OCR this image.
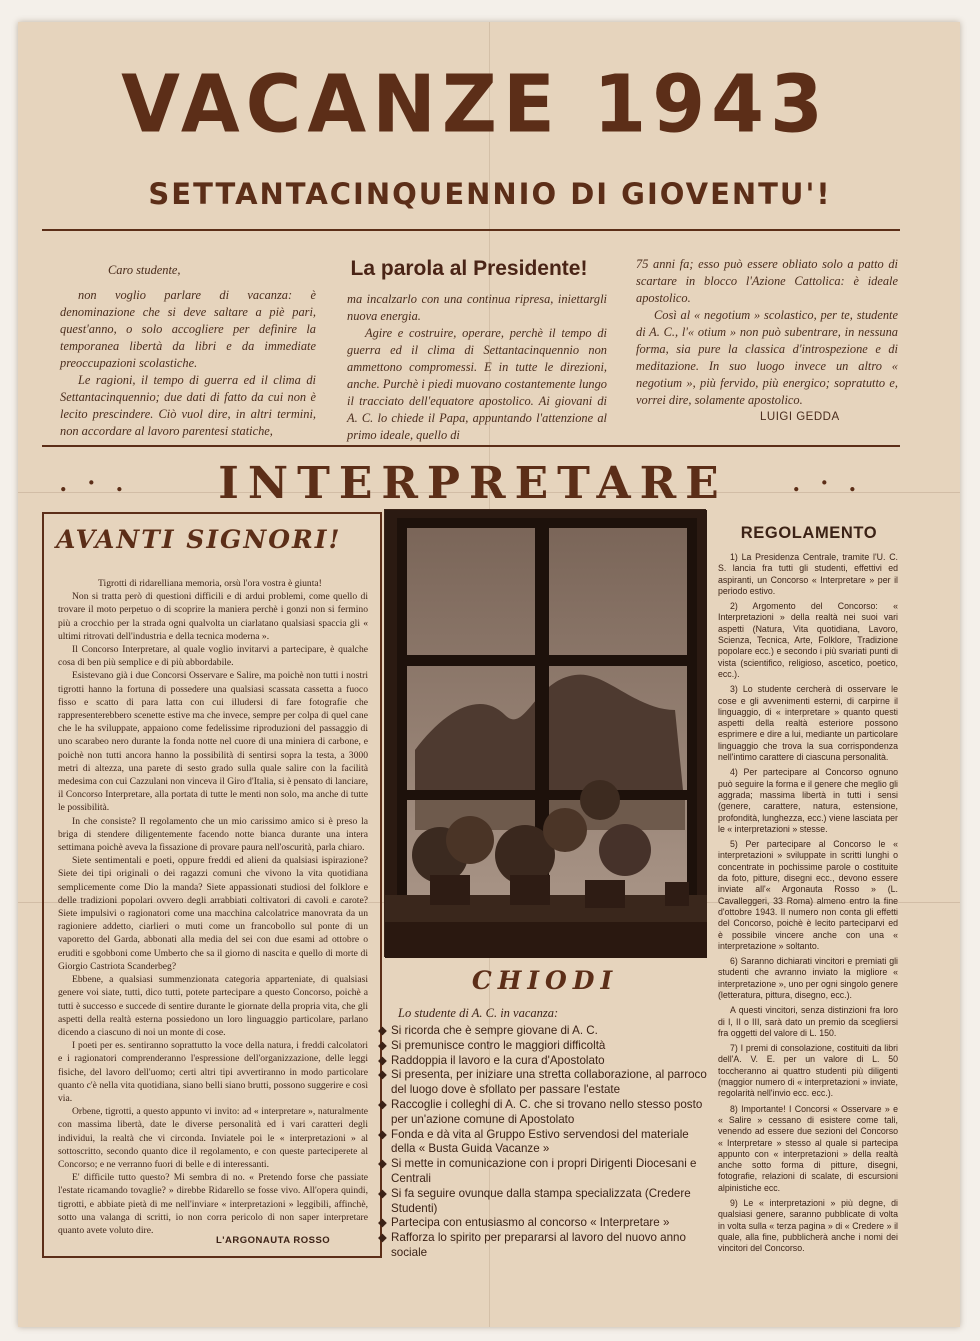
VACANZE 1943
SETTANTACINQUENNIO DI GIOVENTU'!

Caro studente,

non voglio parlare di vacanza: è denominazione che si deve saltare a piè pari, quest'anno, o solo accogliere per definire la temporanea libertà da libri e da immediate preoccupazioni scolastiche.

Le ragioni, il tempo di guerra ed il clima di Settantacinquennio; due dati di fatto da cui non è lecito prescindere. Ciò vuol dire, in altri termini, non accordare al lavoro parentesi statiche,

La parola al Presidente!

ma incalzarlo con una continua ripresa, iniettargli nuova energia.

Agire e costruire, operare, perchè il tempo di guerra ed il clima di Settantacinquennio non ammettono compromessi. E in tutte le direzioni, anche. Purchè i piedi muovano costantemente lungo il tracciato dell'equatore apostolico. Ai giovani di A. C. lo chiede il Papa, appuntando l'attenzione al primo ideale, quello di

75 anni fa; esso può essere obliato solo a patto di scartare in blocco l'Azione Cattolica: è ideale apostolico.

Così al « negotium » scolastico, per te, studente di A. C., l'« otium » non può subentrare, in nessuna forma, sia pure la classica d'introspezione e di meditazione. In suo luogo invece un altro « negotium », più fervido, più energico; sopratutto e, vorrei dire, solamente apostolico.

LUIGI GEDDA
. · .	INTERPRETARE	. · .
AVANTI SIGNORI!

Tigrotti di ridarelliana memoria, orsù l'ora vostra è giunta!

Non si tratta però di questioni difficili e di ardui problemi, come quello di trovare il moto perpetuo o di scoprire la maniera perchè i gonzi non si fermino più a crocchio per la strada ogni qualvolta un ciarlatano qualsiasi spaccia gli « ultimi ritrovati dell'industria e della tecnica moderna ».

Il Concorso Interpretare, al quale voglio invitarvi a partecipare, è qualche cosa di ben più semplice e di più abbordabile.

Esistevano già i due Concorsi Osservare e Salire, ma poichè non tutti i nostri tigrotti hanno la fortuna di possedere una qualsiasi scassata cassetta a fuoco fisso e scatto di para latta con cui illudersi di fare fotografie che rappresenterebbero scenette estive ma che invece, sempre per colpa di quel cane che le ha sviluppate, appaiono come fedelissime riproduzioni del passaggio di uno scarabeo nero durante la fonda notte nel cuore di una miniera di carbone, e poichè non tutti ancora hanno la possibilità di sentirsi sopra la testa, a 3000 metri di altezza, una parete di sesto grado sulla quale salire con la facilità medesima con cui Cazzulani non vinceva il Giro d'Italia, si è pensato di lanciare, il Concorso Interpretare, alla portata di tutte le menti non solo, ma anche di tutte le possibilità.

In che consiste? Il regolamento che un mio carissimo amico si è preso la briga di stendere diligentemente facendo notte bianca durante una intera settimana poichè aveva la fissazione di provare paura nell'oscurità, parla chiaro.

Siete sentimentali e poeti, oppure freddi ed alieni da qualsiasi ispirazione? Siete dei tipi originali o dei ragazzi comuni che vivono la vita quotidiana semplicemente come Dio la manda? Siete appassionati studiosi del folklore e delle tradizioni popolari ovvero degli arrabbiati coltivatori di cavoli e carote? Siete impulsivi o ragionatori come una macchina calcolatrice manovrata da un ragioniere addetto, ciarlieri o muti come un francobollo sul ponte di un vaporetto del Garda, abbonati alla media del sei con due esami ad ottobre o eruditi e sgobboni come Umberto che sa il giorno di nascita e quello di morte di Giorgio Castriota Scanderbeg?

Ebbene, a qualsiasi summenzionata categoria apparteniate, di qualsiasi genere voi siate, tutti, dico tutti, potete partecipare a questo Concorso, poichè a tutti è successo e succede di sentire durante le giornate della propria vita, che gli aspetti della realtà esterna possiedono un loro linguaggio particolare, parlano dicendo a ciascuno di noi un monte di cose.

I poeti per es. sentiranno soprattutto la voce della natura, i freddi calcolatori e i ragionatori comprenderanno l'espressione dell'organizzazione, delle leggi fisiche, del lavoro dell'uomo; certi altri tipi avvertiranno in modo particolare quanto c'è nella vita quotidiana, siano belli siano brutti, possono suggerire e così via.

Orbene, tigrotti, a questo appunto vi invito: ad « interpretare », naturalmente con massima libertà, date le diverse personalità ed i vari caratteri degli individui, la realtà che vi circonda. Inviatele poi le « interpretazioni » al sottoscritto, secondo quanto dice il regolamento, e con queste parteciperete al Concorso; e ne verranno fuori di belle e di interessanti.

E' difficile tutto questo? Mi sembra di no. « Pretendo forse che passiate l'estate ricamando tovaglie? » direbbe Ridarello se fosse vivo. All'opera quindi, tigrotti, e abbiate pietà di me nell'inviare « interpretazioni » leggibili, affinchè, sotto una valanga di scritti, io non corra pericolo di non saper interpretare quanto avete voluto dire.

L'ARGONAUTA ROSSO
CHIODI
Lo studente di A. C. in vacanza:
◆ Si ricorda che è sempre giovane di A. C.
◆ Si premunisce contro le maggiori difficoltà
◆ Raddoppia il lavoro e la cura d'Apostolato
◆ Si presenta, per iniziare una stretta collaborazione, al parroco del luogo dove è sfollato per passare l'estate
◆ Raccoglie i colleghi di A. C. che si trovano nello stesso posto per un'azione comune di Apostolato
◆ Fonda e dà vita al Gruppo Estivo servendosi del materiale della « Busta Guida Vacanze »
◆ Si mette in comunicazione con i propri Dirigenti Diocesani e Centrali
◆ Si fa seguire ovunque dalla stampa specializzata (Credere Studenti)
◆ Partecipa con entusiasmo al concorso « Interpretare »
◆ Rafforza lo spirito per prepararsi al lavoro del nuovo anno sociale
REGOLAMENTO

1) La Presidenza Centrale, tramite l'U. C. S. lancia fra tutti gli studenti, effettivi ed aspiranti, un Concorso « Interpretare » per il periodo estivo.

2) Argomento del Concorso: « Interpretazioni » della realtà nei suoi vari aspetti (Natura, Vita quotidiana, Lavoro, Scienza, Tecnica, Arte, Folklore, Tradizione popolare ecc.) e secondo i più svariati punti di vista (scientifico, religioso, ascetico, poetico, ecc.).

3) Lo studente cercherà di osservare le cose e gli avvenimenti esterni, di carpirne il linguaggio, di « interpretare » quanto questi aspetti della realtà esteriore possono esprimere e dire a lui, mediante un particolare linguaggio che trova la sua corrispondenza nell'intimo carattere di ciascuna personalità.

4) Per partecipare al Concorso ognuno può seguire la forma e il genere che meglio gli aggrada; massima libertà in tutti i sensi (genere, carattere, natura, estensione, profondità, lunghezza, ecc.) viene lasciata per le « interpretazioni » stesse.

5) Per partecipare al Concorso le « interpretazioni » sviluppate in scritti lunghi o concentrate in pochissime parole o costituite da foto, pitture, disegni ecc., devono essere inviate all'« Argonauta Rosso » (L. Cavalleggeri, 33 Roma) almeno entro la fine d'ottobre 1943. Il numero non conta gli effetti del Concorso, poichè è lecito parteciparvi ed è possibile vincere anche con una « interpretazione » soltanto.

6) Saranno dichiarati vincitori e premiati gli studenti che avranno inviato la migliore « interpretazione », uno per ogni singolo genere (letteratura, pittura, disegno, ecc.).

A questi vincitori, senza distinzioni fra loro di I, II o III, sarà dato un premio da scegliersi fra oggetti del valore di L. 150.

7) I premi di consolazione, costituiti da libri dell'A. V. E. per un valore di L. 50 toccheranno ai quattro studenti più diligenti (maggior numero di « interpretazioni » inviate, regolarità nell'invio ecc. ecc.).

8) Importante! I Concorsi « Osservare » e « Salire » cessano di esistere come tali, venendo ad essere due sezioni del Concorso « Interpretare » stesso al quale si partecipa appunto con « interpretazioni » della realtà anche sotto forma di pitture, disegni, fotografie, relazioni di scalate, di escursioni alpinistiche ecc.

9) Le « interpretazioni » più degne, di qualsiasi genere, saranno pubblicate di volta in volta sulla « terza pagina » di « Credere » il quale, alla fine, pubblicherà anche i nomi dei vincitori del Concorso.
